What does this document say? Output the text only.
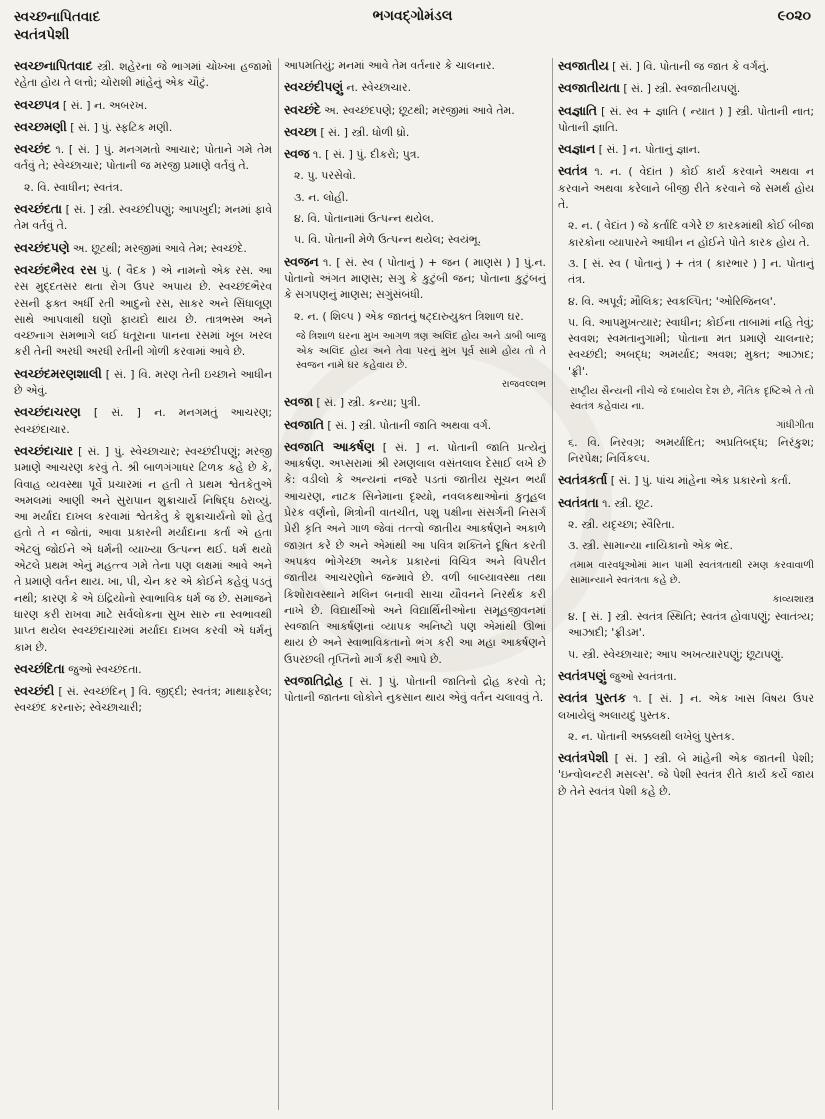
સ્વચ્છનાપિતવાદ
સ્વતંત્રપેશી
ભગવદ્ગોમંડલ	૯૦૨૦
સ્વચ્છનાપિતવાદ સ્ત્રી. શહેરના જે ભાગમાં ચોખ્ખા હજામો રહેતા હોય તે લત્તો; ચોરાશી માંહેનું એક ચૌટું.
સ્વચ્છપત્ર [ સં. ] ન. અબરખ.
સ્વચ્છમણી [ સં. ] પું. સ્ફટિક મણી.
સ્વચ્છંદ ૧. [ સં. ] પું. મનગમતો આચાર; પોતાને ગમે તેમ વર્તવું તે; સ્વેચ્છાચાર; પોતાની જ મરજી પ્રમાણે વર્તવું તે.
૨. વિ. સ્વાધીન; સ્વતંત્ર.
સ્વચ્છંદતા [ સં. ] સ્ત્રી. સ્વચ્છંદીપણું; આપખુદી; મનમાં ફાવે તેમ વર્તવું તે.
સ્વચ્છંદપણે અ. છૂટથી; મરજીમાં આવે તેમ; સ્વચ્છંદે.
સ્વચ્છંદભૈરવ રસ પું. ( વૈદક ) એ નામનો એક રસ. આ રસ મુદ્દતસર થતા રોગ ઉપર અપાય છે. સ્વચ્છંદભૈરવ રસની ફક્ત અર્ધી રતી આદુનો રસ, સાકર અને સિંધાલૂણ સાથે આપવાથી ઘણો ફાયદો થાય છે. તાત્રભસ્મ અને વચ્છનાગ સમભાગે લઈ ધતૂરાના પાનના રસમાં ખૂબ ખરલ કરી તેની અરધી અરધી રતીની ગોળી કરવામાં આવે છે.
સ્વચ્છંદમરણશાલી [ સં. ] વિ. મરણ તેની ઇચ્છાને આધીન છે એવું.
સ્વચ્છંદાચરણ [ સં. ] ન. મનગમતું આચરણ; સ્વચ્છંદાચાર.
સ્વચ્છંદાચાર [ સં. ] પું. સ્વેચ્છાચાર; સ્વચ્છંદીપણું; મરજી પ્રમાણે આચરણ કરવું તે. શ્રી બાળગંગાધર ટિળક કહે છે કે, વિવાહ વ્યવસ્થા પૂર્વે પ્રચારમાં ન હતી તે પ્રથમ શ્વેતકેતુએ અમલમાં આણી અને સુરાપાન શુક્રાચાર્યે નિષિદ્ધ ઠરાવ્યું. આ મર્યાદા દાખલ કરવામાં શ્વેતકેતુ કે શુક્રાચાર્યનો શો હેતુ હતો તે ન જોતાં, આવા પ્રકારની મર્યાદાના કર્તા એ હતા એટલું જોઈને એ ધર્મની વ્યાખ્યા ઉત્પન્ન થઈ. ધર્મ થયો એટલે પ્રથમ એનું મહત્ત્વ ગમે તેના પણ લક્ષમાં આવે અને તે પ્રમાણે વર્તન થાય. ખા, પી, ચેન કર એ કોઈને કહેવું પડતું નથી; કારણ કે એ ઇંદ્રિયોનો સ્વાભાવિક ધર્મ જ છે. સમાજને ધારણ કરી રાખવા માટે સર્વલોકના સુખ સારુ ના સ્વભાવથી પ્રાપ્ત થયેલ સ્વચ્છંદાચારમાં મર્યાદા દાખલ કરવી એ ધર્મનું કામ છે.
સ્વચ્છંદિતા જુઓ સ્વચ્છંદતા.
સ્વચ્છંદી [ સં. સ્વચ્છંદિન્ ] વિ. જીદ્દી; સ્વતંત્ર; માથાફરેલ; સ્વચ્છંદ કરનારું; સ્વેચ્છાચારી;
આપમતિયું; મનમાં આવે તેમ વર્તનાર કે ચાલનાર.
સ્વચ્છંદીપણું ન. સ્વેચ્છાચાર.
સ્વચ્છંદે અ. સ્વચ્છંદપણે; છૂટથી; મરજીમાં આવે તેમ.
સ્વચ્છા [ સં. ] સ્ત્રી. ધોળી ધ્રો.
સ્વજ ૧. [ સં. ] પું. દીકરો; પુત્ર.
૨. પુ. પરસેવો.
૩. ન. લોહી.
૪. વિ. પોતાનામાં ઉત્પન્ન થયેલ.
૫. વિ. પોતાની મેળે ઉત્પન્ન થયેલ; સ્વયંભૂ.
સ્વજન ૧. [ સં. સ્વ ( પોતાનું ) + જન ( માણસ ) ] પું.ન. પોતાનો અંગત માણસ; સગુ કે કુટુંબી જન; પોતાના કુટુંબનું કે સગપણનું માણસ; સગુંસંબંધી.
૨. ન. ( શિલ્પ ) એક જાતનું ષટ્દારુયુક્ત ત્રિશાળ ઘર.
જે ત્રિશાળ ઘરના મુખ આગળ ત્રણ અલિંદ હોય અને ડાબી બાજુ એક અલિંદ હોય અને તેવા પરનું મુખ પૂર્વ સામે હોય તો તે સ્વજન નામે ઘર કહેવાય છે.
રાજવલ્લભ
સ્વજા [ સં. ] સ્ત્રી. કન્યા; પુત્રી.
સ્વજાતિ [ સં. ] સ્ત્રી. પોતાની જાતિ અથવા વર્ગ.
સ્વજાતિ આકર્ષણ [ સં. ] ન. પોતાની જાતિ પ્રત્યેનું આકર્ષણ. અપ્સરામાં શ્રી રમણલાલ વસંતલાલ દેસાઈ લખે છે કે: વડીલો કે અન્યનાં નજરે પડતાં જાતીય સૂચન ભર્યાં આચરણ, નાટક સિનેમાના દૃશ્યો, નવલકથાઓનાં કુતૂહલ પ્રેરક વર્ણનો, મિત્રોની વાતચીત, પશુ પક્ષીના સંસર્ગની નિસર્ગ પ્રેરી કૃતિ અને ગાળ જેવાં તત્ત્વો જાતીય આકર્ષણને અકાળે જાગ્રત કરે છે અને એમાંથી આ પવિત્ર શક્તિને દૂષિત કરતી અપક્વ ભોગેચ્છા અનેક પ્રકારનાં વિચિત્ર અને વિપરીત જાતીય આચરણોને જન્માવે છે. વળી બાલ્યાવસ્થા તથા કિશોરાવસ્થાને મલિન બનાવી સાચા યૌવનને નિરર્થક કરી નાખે છે. વિદ્યાર્થીઓ અને વિદ્યાર્થિનીઓના સમૂહજીવનમાં સ્વજાતિ આકર્ષણનાં વ્યાપક અનિષ્ટો પણ એમાંથી ઊભાં થાય છે અને સ્વાભાવિકતાનો ભંગ કરી આ મહા આકર્ષણને ઉપરછલી તૃપ્તિનો માર્ગ કરી આપે છે.
સ્વજાતિદ્રોહ [ સં. ] પું. પોતાની જાતિનો દ્રોહ કરવો તે; પોતાની જાતના લોકોને નુકસાન થાય એવું વર્તન ચલાવવું તે.
સ્વજાતીય [ સં. ] વિ. પોતાની જ જાત કે વર્ગનું.
સ્વજાતીયતા [ સં. ] સ્ત્રી. સ્વજાતીયપણું.
સ્વજ્ઞાતિ [ સં. સ્વ + જ્ઞાતિ ( ન્યાત ) ] સ્ત્રી. પોતાની નાત; પોતાની જ્ઞાતિ.
સ્વજ્ઞાન [ સં. ] ન. પોતાનું જ્ઞાન.
સ્વતંત્ર ૧. ન. ( વેદાંત ) કોઈ કાર્ય કરવાને અથવા ન કરવાને અથવા કરેલાને બીજી રીતે કરવાને જે સમર્થ હોય તે.
૨. ન. ( વેદાંત ) જે કર્તાદિ વગેરે છ કારકમાંથી કોઈ બીજા કારકોના વ્યાપારને આધીન ન હોઈને પોતે કારક હોય તે.
૩. [ સં. સ્વ ( પોતાનું ) + તંત્ર ( કારભાર ) ] ન. પોતાનું તંત્ર.
૪. વિ. અપૂર્વ; મૌલિક; સ્વકલ્પિત; 'ઓરિજિનલ'.
૫. વિ. આપમુખત્યાર; સ્વાધીન; કોઈના તાબામાં નહિ તેવું; સ્વવશ; સ્વમતાનુગામી; પોતાના મત પ્રમાણે ચાલનાર; સ્વચ્છંદી; અબદ્ધ; અમર્યાદ; અવશ; મુક્ત; આઝાદ; 'ફ્રી'.
રાષ્ટ્રીય સૈન્યની નીચે જે દબાયેલ દેશ છે, નૈતિક દૃષ્ટિએ તે તો સ્વતંત્ર કહેવાય ના.
ગાંધીગીતા
૬. વિ. નિરવગ્ર; અમર્યાદિત; અપ્રતિબદ્ધ; નિરંકુશ; નિરપેક્ષ; નિર્વિકલ્પ.
સ્વતંત્રકર્તા [ સં. ] પું. પાંચ માંહેના એક પ્રકારનો કર્તા.
સ્વતંત્રતા ૧. સ્ત્રી. છૂટ.
૨. સ્ત્રી. યદૃચ્છા; સ્વૈરિતા.
૩. સ્ત્રી. સામાન્યા નાયિકાનો એક ભેદ.
તમામ વારવધૂઓમાં માન પામી સ્વતંત્રતાથી રમણ કરવાવાળી સામાન્યાને સ્વતંત્રતા કહે છે.
કાવ્યશાસ્ત્ર
૪. [ સં. ] સ્ત્રી. સ્વતંત્ર સ્થિતિ; સ્વતંત્ર હોવાપણું; સ્વાતંત્ર્ય; આઝાદી; 'ફ્રીડમ'.
૫. સ્ત્રી. સ્વેચ્છાચાર; આપ અખત્યારપણું; છૂટાપણું.
સ્વતંત્રપણું જુઓ સ્વતંત્રતા.
સ્વતંત્ર પુસ્તક ૧. [ સં. ] ન. એક ખાસ વિષય ઉપર લખાયેલું અલાયદું પુસ્તક.
૨. ન. પોતાની અક્કલથી લખેલું પુસ્તક.
સ્વતંત્રપેશી [ સં. ] સ્ત્રી. બે માંહેની એક જાતની પેશી; 'ઇન્વોલન્ટરી મસલ્સ'. જે પેશી સ્વતંત્ર રીતે કાર્ય કર્યે જાય છે તેને સ્વતંત્ર પેશી કહે છે.
